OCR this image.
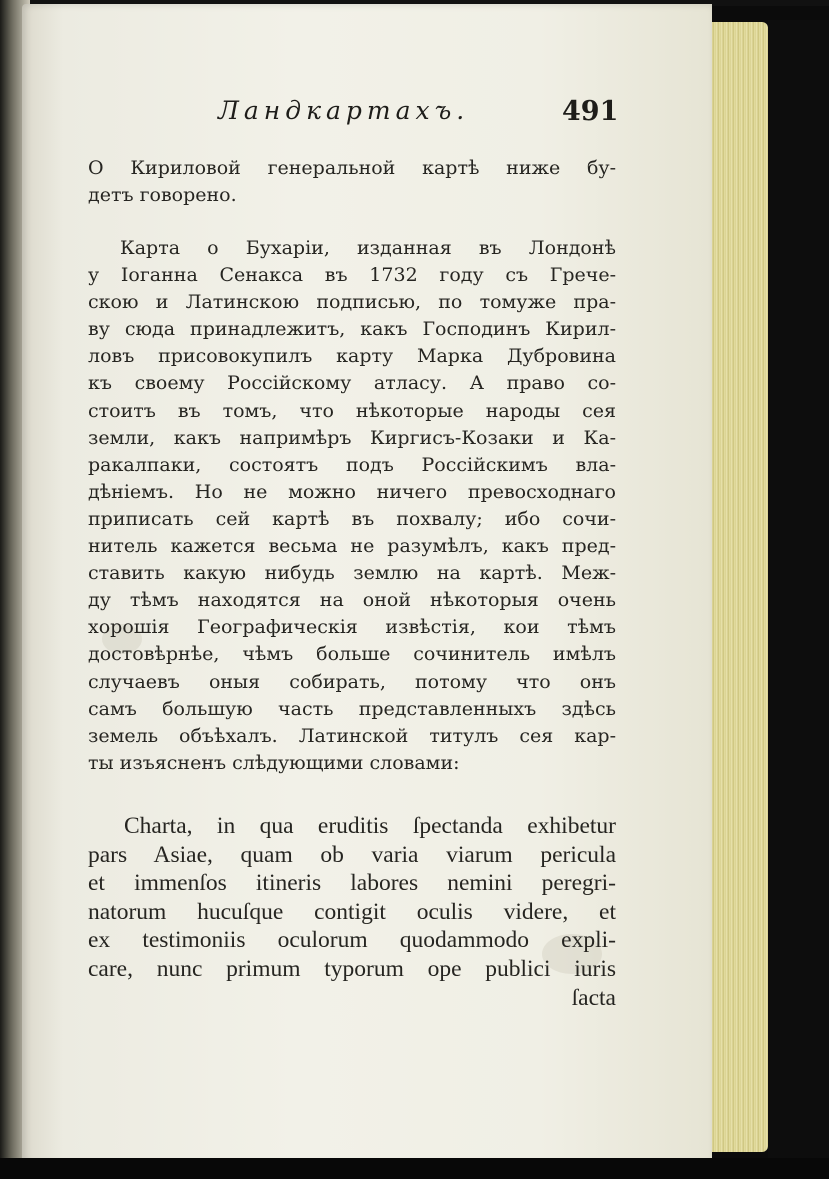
Ландкартахъ.	491
О Кириловой генеральной картѣ ниже бу-
детъ говорено.
Карта о Бухаріи, изданная въ Лондонѣ
у Іоганна Сенакса въ 1732 году съ Грече-
скою и Латинскою подписью, по томуже пра-
ву сюда принадлежитъ, какъ Господинъ Кирил-
ловъ присовокупилъ карту Марка Дубровина
къ своему Россійскому атласу. А право со-
стоитъ въ томъ, что нѣкоторые народы сея
земли, какъ напримѣръ Киргисъ-Козаки и Ка-
ракалпаки, состоятъ подъ Россійскимъ вла-
дѣніемъ. Но не можно ничего превосходнаго
приписать сей картѣ въ похвалу; ибо сочи-
нитель кажется весьма не разумѣлъ, какъ пред-
ставить какую нибудь землю на картѣ. Меж-
ду тѣмъ находятся на оной нѣкоторыя очень
хорошія Географическія извѣстія, кои тѣмъ
достовѣрнѣе, чѣмъ больше сочинитель имѣлъ
случаевъ оныя собирать, потому что онъ
самъ большую часть представленныхъ здѣсь
земель объѣхалъ. Латинской титулъ сея кар-
ты изъясненъ слѣдующими словами:
Charta, in qua eruditis ſpectanda exhibetur
pars Asiae, quam ob varia viarum pericula
et immenſos itineris labores nemini peregri-
natorum hucuſque contigit oculis videre, et
ex testimoniis oculorum quodammodo expli-
care, nunc primum typorum ope publici iuris
ſacta
